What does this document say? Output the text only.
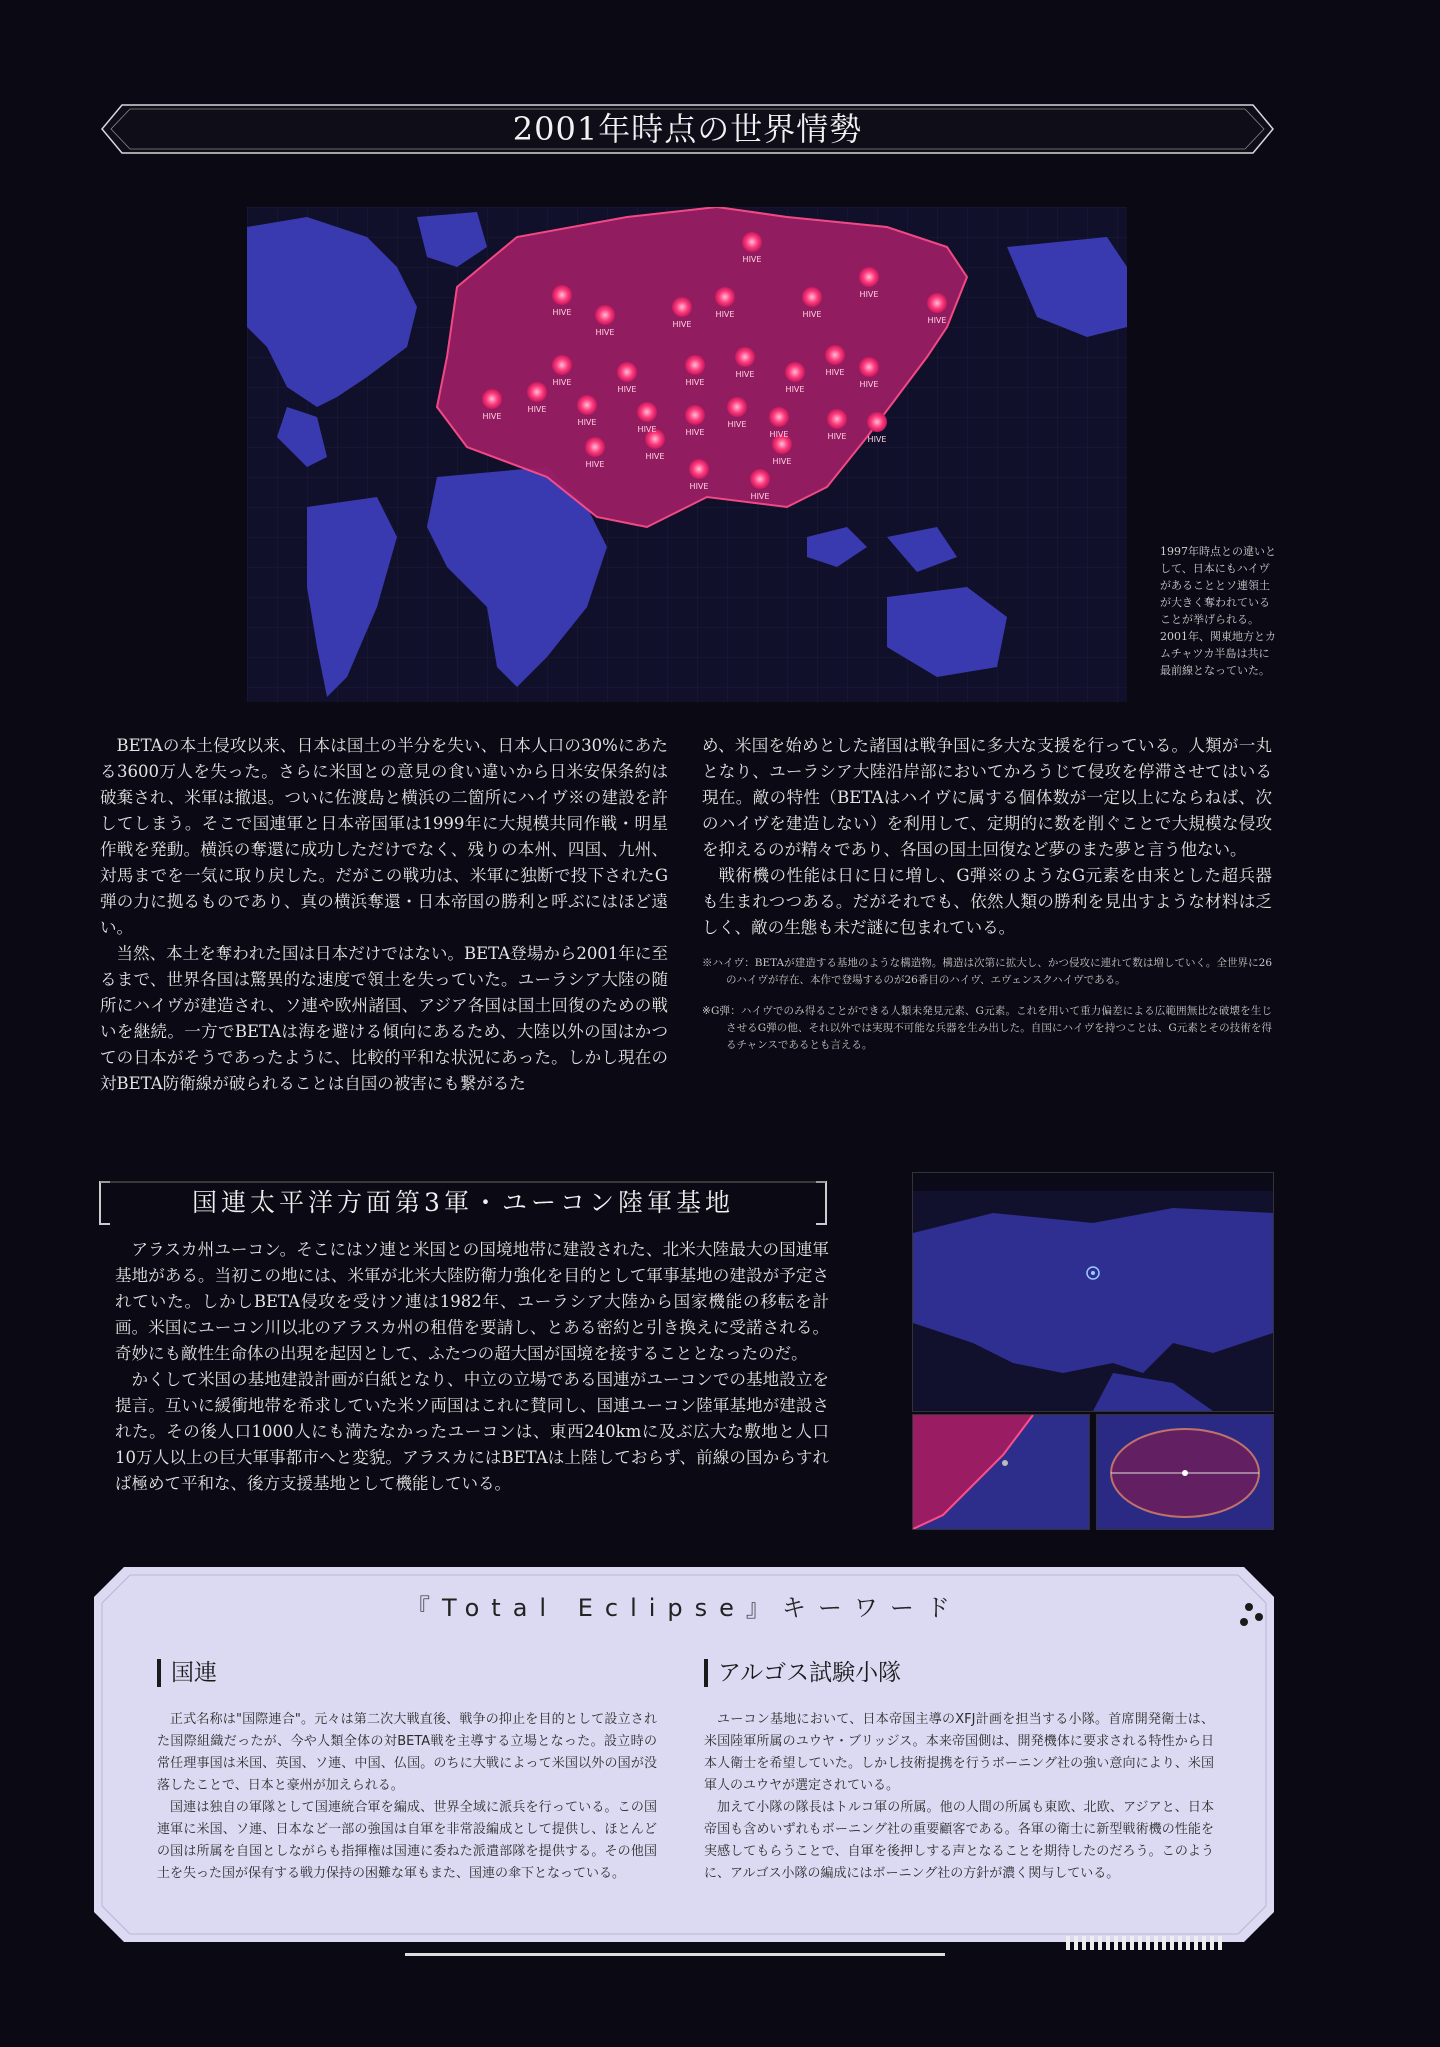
2001年時点の世界情勢
HIVE
HIVE
HIVE
HIVE
HIVE
HIVE
HIVE	HIVE
HIVE
HIVE
HIVE
HIVE
HIVE
HIVE
HIVE
HIVE
HIVE
HIVE
HIVE	HIVE
HIVE
HIVE	HIVE	HIVE
HIVE
HIVE
HIVE
HIVE
HIVE
1997年時点との違いとして、日本にもハイヴがあることとソ連領土が大きく奪われていることが挙げられる。2001年、関東地方とカムチャツカ半島は共に最前線となっていた。

BETAの本土侵攻以来、日本は国土の半分を失い、日本人口の30%にあたる3600万人を失った。さらに米国との意見の食い違いから日米安保条約は破棄され、米軍は撤退。ついに佐渡島と横浜の二箇所にハイヴ※の建設を許してしまう。そこで国連軍と日本帝国軍は1999年に大規模共同作戦・明星作戦を発動。横浜の奪還に成功しただけでなく、残りの本州、四国、九州、対馬までを一気に取り戻した。だがこの戦功は、米軍に独断で投下されたG弾の力に拠るものであり、真の横浜奪還・日本帝国の勝利と呼ぶにはほど遠い。

当然、本土を奪われた国は日本だけではない。BETA登場から2001年に至るまで、世界各国は驚異的な速度で領土を失っていた。ユーラシア大陸の随所にハイヴが建造され、ソ連や欧州諸国、アジア各国は国土回復のための戦いを継続。一方でBETAは海を避ける傾向にあるため、大陸以外の国はかつての日本がそうであったように、比較的平和な状況にあった。しかし現在の対BETA防衛線が破られることは自国の被害にも繋がるた

め、米国を始めとした諸国は戦争国に多大な支援を行っている。人類が一丸となり、ユーラシア大陸沿岸部においてかろうじて侵攻を停滞させてはいる現在。敵の特性（BETAはハイヴに属する個体数が一定以上にならねば、次のハイヴを建造しない）を利用して、定期的に数を削ぐことで大規模な侵攻を抑えるのが精々であり、各国の国土回復など夢のまた夢と言う他ない。

戦術機の性能は日に日に増し、G弾※のようなG元素を由来とした超兵器も生まれつつある。だがそれでも、依然人類の勝利を見出すような材料は乏しく、敵の生態も未だ謎に包まれている。

※ハイヴ：BETAが建造する基地のような構造物。構造は次第に拡大し、かつ侵攻に連れて数は増していく。全世界に26のハイヴが存在、本作で登場するのが26番目のハイヴ、エヴェンスクハイヴである。
※G弾：ハイヴでのみ得ることができる人類未発見元素、G元素。これを用いて重力偏差による広範囲無比な破壊を生じさせるG弾の他、それ以外では実現不可能な兵器を生み出した。自国にハイヴを持つことは、G元素とその技術を得るチャンスであるとも言える。
国連太平洋方面第3軍・ユーコン陸軍基地

アラスカ州ユーコン。そこにはソ連と米国との国境地帯に建設された、北米大陸最大の国連軍基地がある。当初この地には、米軍が北米大陸防衛力強化を目的として軍事基地の建設が予定されていた。しかしBETA侵攻を受けソ連は1982年、ユーラシア大陸から国家機能の移転を計画。米国にユーコン川以北のアラスカ州の租借を要請し、とある密約と引き換えに受諾される。奇妙にも敵性生命体の出現を起因として、ふたつの超大国が国境を接することとなったのだ。

かくして米国の基地建設計画が白紙となり、中立の立場である国連がユーコンでの基地設立を提言。互いに緩衝地帯を希求していた米ソ両国はこれに賛同し、国連ユーコン陸軍基地が建設された。その後人口1000人にも満たなかったユーコンは、東西240kmに及ぶ広大な敷地と人口10万人以上の巨大軍事都市へと変貌。アラスカにはBETAは上陸しておらず、前線の国からすれば極めて平和な、後方支援基地として機能している。

『Total Eclipse』キーワード
国連

正式名称は"国際連合"。元々は第二次大戦直後、戦争の抑止を目的として設立された国際組織だったが、今や人類全体の対BETA戦を主導する立場となった。設立時の常任理事国は米国、英国、ソ連、中国、仏国。のちに大戦によって米国以外の国が没落したことで、日本と豪州が加えられる。

国連は独自の軍隊として国連統合軍を編成、世界全域に派兵を行っている。この国連軍に米国、ソ連、日本など一部の強国は自軍を非常設編成として提供し、ほとんどの国は所属を自国としながらも指揮権は国連に委ねた派遣部隊を提供する。その他国土を失った国が保有する戦力保持の困難な軍もまた、国連の傘下となっている。

アルゴス試験小隊

ユーコン基地において、日本帝国主導のXFJ計画を担当する小隊。首席開発衛士は、米国陸軍所属のユウヤ・ブリッジス。本来帝国側は、開発機体に要求される特性から日本人衛士を希望していた。しかし技術提携を行うボーニング社の強い意向により、米国軍人のユウヤが選定されている。

加えて小隊の隊長はトルコ軍の所属。他の人間の所属も東欧、北欧、アジアと、日本帝国も含めいずれもボーニング社の重要顧客である。各軍の衛士に新型戦術機の性能を実感してもらうことで、自軍を後押しする声となることを期待したのだろう。このように、アルゴス小隊の編成にはボーニング社の方針が濃く関与している。
